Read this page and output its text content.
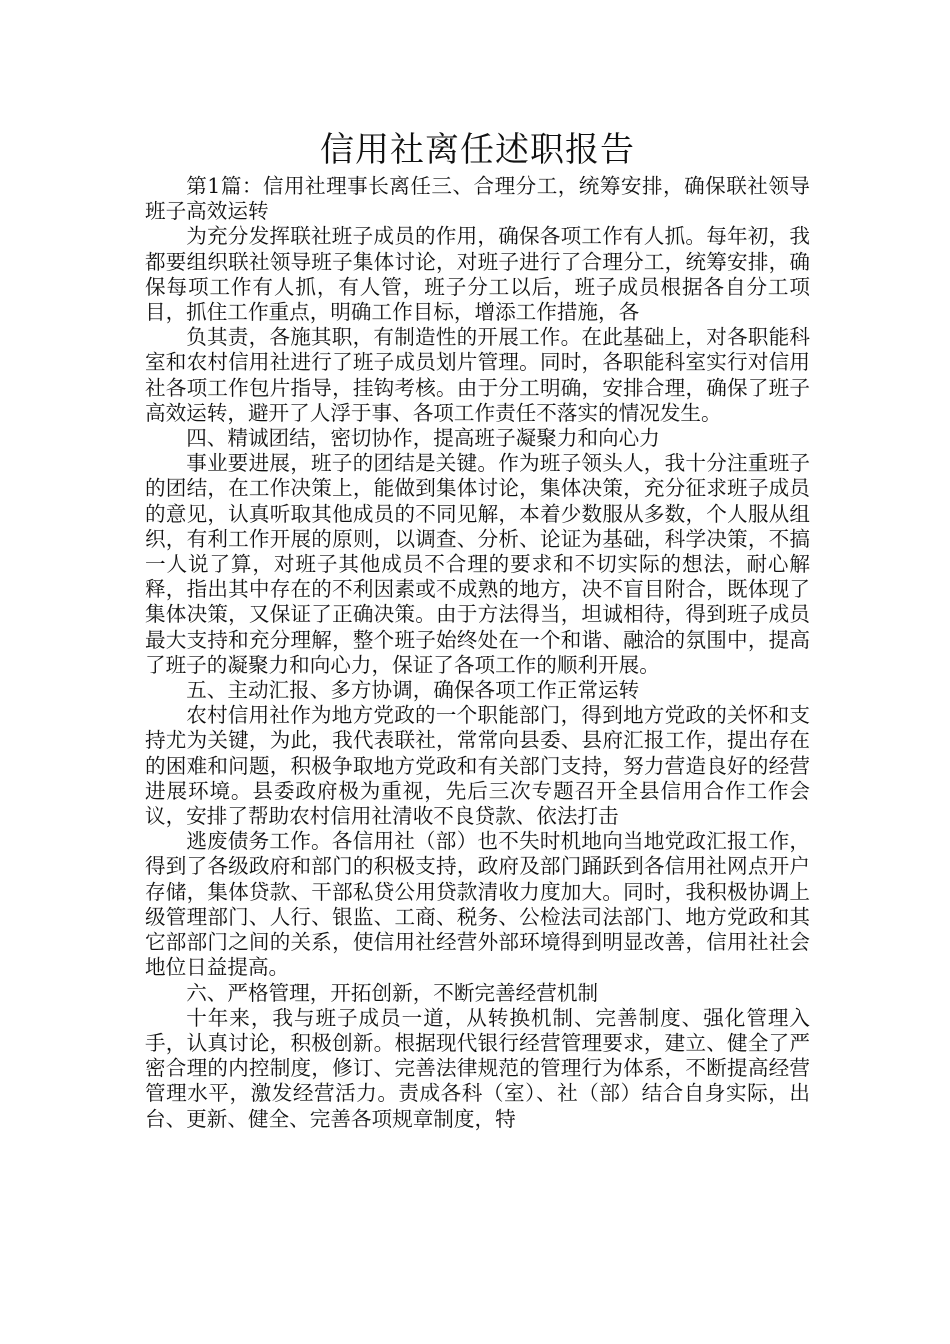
信用社离任述职报告

第1篇：信用社理事长离任三、合理分工，统筹安排，确保联社领导班子高效运转

为充分发挥联社班子成员的作用，确保各项工作有人抓。每年初，我都要组织联社领导班子集体讨论，对班子进行了合理分工，统筹安排，确保每项工作有人抓，有人管，班子分工以后，班子成员根据各自分工项目，抓住工作重点，明确工作目标，增添工作措施，各

负其责，各施其职，有制造性的开展工作。在此基础上，对各职能科室和农村信用社进行了班子成员划片管理。同时，各职能科室实行对信用社各项工作包片指导，挂钩考核。由于分工明确，安排合理，确保了班子高效运转，避开了人浮于事、各项工作责任不落实的情况发生。

四、精诚团结，密切协作，提高班子凝聚力和向心力

事业要进展，班子的团结是关键。作为班子领头人，我十分注重班子的团结，在工作决策上，能做到集体讨论，集体决策，充分征求班子成员的意见，认真听取其他成员的不同见解，本着少数服从多数，个人服从组织，有利工作开展的原则，以调查、分析、论证为基础，科学决策，不搞一人说了算，对班子其他成员不合理的要求和不切实际的想法，耐心解释，指出其中存在的不利因素或不成熟的地方，决不盲目附合，既体现了集体决策，又保证了正确决策。由于方法得当，坦诚相待，得到班子成员最大支持和充分理解，整个班子始终处在一个和谐、融洽的氛围中，提高了班子的凝聚力和向心力，保证了各项工作的顺利开展。

五、主动汇报、多方协调，确保各项工作正常运转

农村信用社作为地方党政的一个职能部门，得到地方党政的关怀和支持尤为关键，为此，我代表联社，常常向县委、县府汇报工作，提出存在的困难和问题，积极争取地方党政和有关部门支持，努力营造良好的经营进展环境。县委政府极为重视，先后三次专题召开全县信用合作工作会议，安排了帮助农村信用社清收不良贷款、依法打击

逃废债务工作。各信用社（部）也不失时机地向当地党政汇报工作，得到了各级政府和部门的积极支持，政府及部门踊跃到各信用社网点开户存储，集体贷款、干部私贷公用贷款清收力度加大。同时，我积极协调上级管理部门、人行、银监、工商、税务、公检法司法部门、地方党政和其它部部门之间的关系，使信用社经营外部环境得到明显改善，信用社社会地位日益提高。

六、严格管理，开拓创新，不断完善经营机制

十年来，我与班子成员一道，从转换机制、完善制度、强化管理入手，认真讨论，积极创新。根据现代银行经营管理要求，建立、健全了严密合理的内控制度，修订、完善法律规范的管理行为体系，不断提高经营管理水平，激发经营活力。责成各科（室）、社（部）结合自身实际，出台、更新、健全、完善各项规章制度，特
